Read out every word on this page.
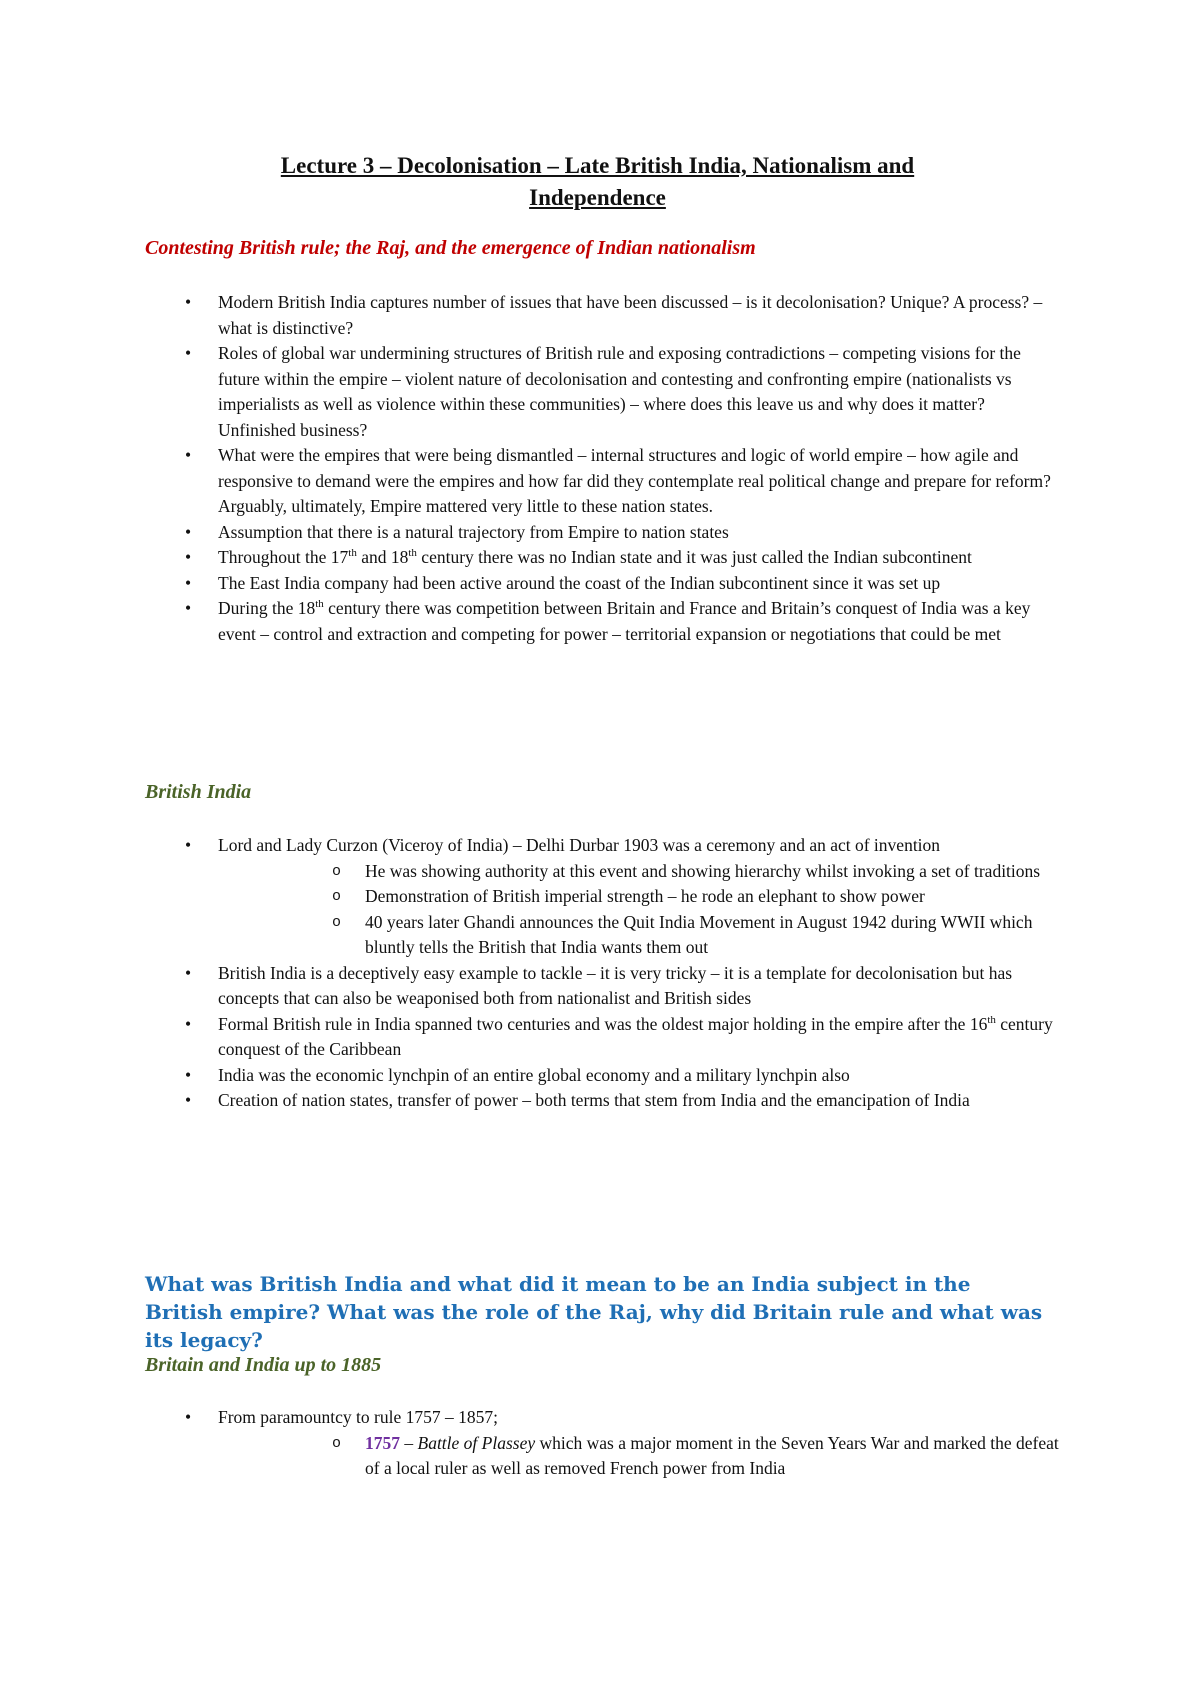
Lecture 3 – Decolonisation – Late British India, Nationalism and
Independence
Contesting British rule; the Raj, and the emergence of Indian nationalism
• Modern British India captures number of issues that have been discussed – is it decolonisation? Unique? A process? – what is distinctive?
• Roles of global war undermining structures of British rule and exposing contradictions – competing visions for the future within the empire – violent nature of decolonisation and contesting and confronting empire (nationalists vs imperialists as well as violence within these communities) – where does this leave us and why does it matter? Unfinished business?
• What were the empires that were being dismantled – internal structures and logic of world empire – how agile and responsive to demand were the empires and how far did they contemplate real political change and prepare for reform? Arguably, ultimately, Empire mattered very little to these nation states.
• Assumption that there is a natural trajectory from Empire to nation states
• Throughout the 17th and 18th century there was no Indian state and it was just called the Indian subcontinent
• The East India company had been active around the coast of the Indian subcontinent since it was set up
• During the 18th century there was competition between Britain and France and Britain’s conquest of India was a key event – control and extraction and competing for power – territorial expansion or negotiations that could be met
British India
• Lord and Lady Curzon (Viceroy of India) – Delhi Durbar 1903 was a ceremony and an act of invention
o He was showing authority at this event and showing hierarchy whilst invoking a set of traditions
o Demonstration of British imperial strength – he rode an elephant to show power
o 40 years later Ghandi announces the Quit India Movement in August 1942 during WWII which bluntly tells the British that India wants them out
• British India is a deceptively easy example to tackle – it is very tricky – it is a template for decolonisation but has concepts that can also be weaponised both from nationalist and British sides
• Formal British rule in India spanned two centuries and was the oldest major holding in the empire after the 16th century conquest of the Caribbean
• India was the economic lynchpin of an entire global economy and a military lynchpin also
• Creation of nation states, transfer of power – both terms that stem from India and the emancipation of India
What was British India and what did it mean to be an India subject in the British empire? What was the role of the Raj, why did Britain rule and what was its legacy?
Britain and India up to 1885
• From paramountcy to rule 1757 – 1857;
o 1757 – Battle of Plassey which was a major moment in the Seven Years War and marked the defeat of a local ruler as well as removed French power from India
